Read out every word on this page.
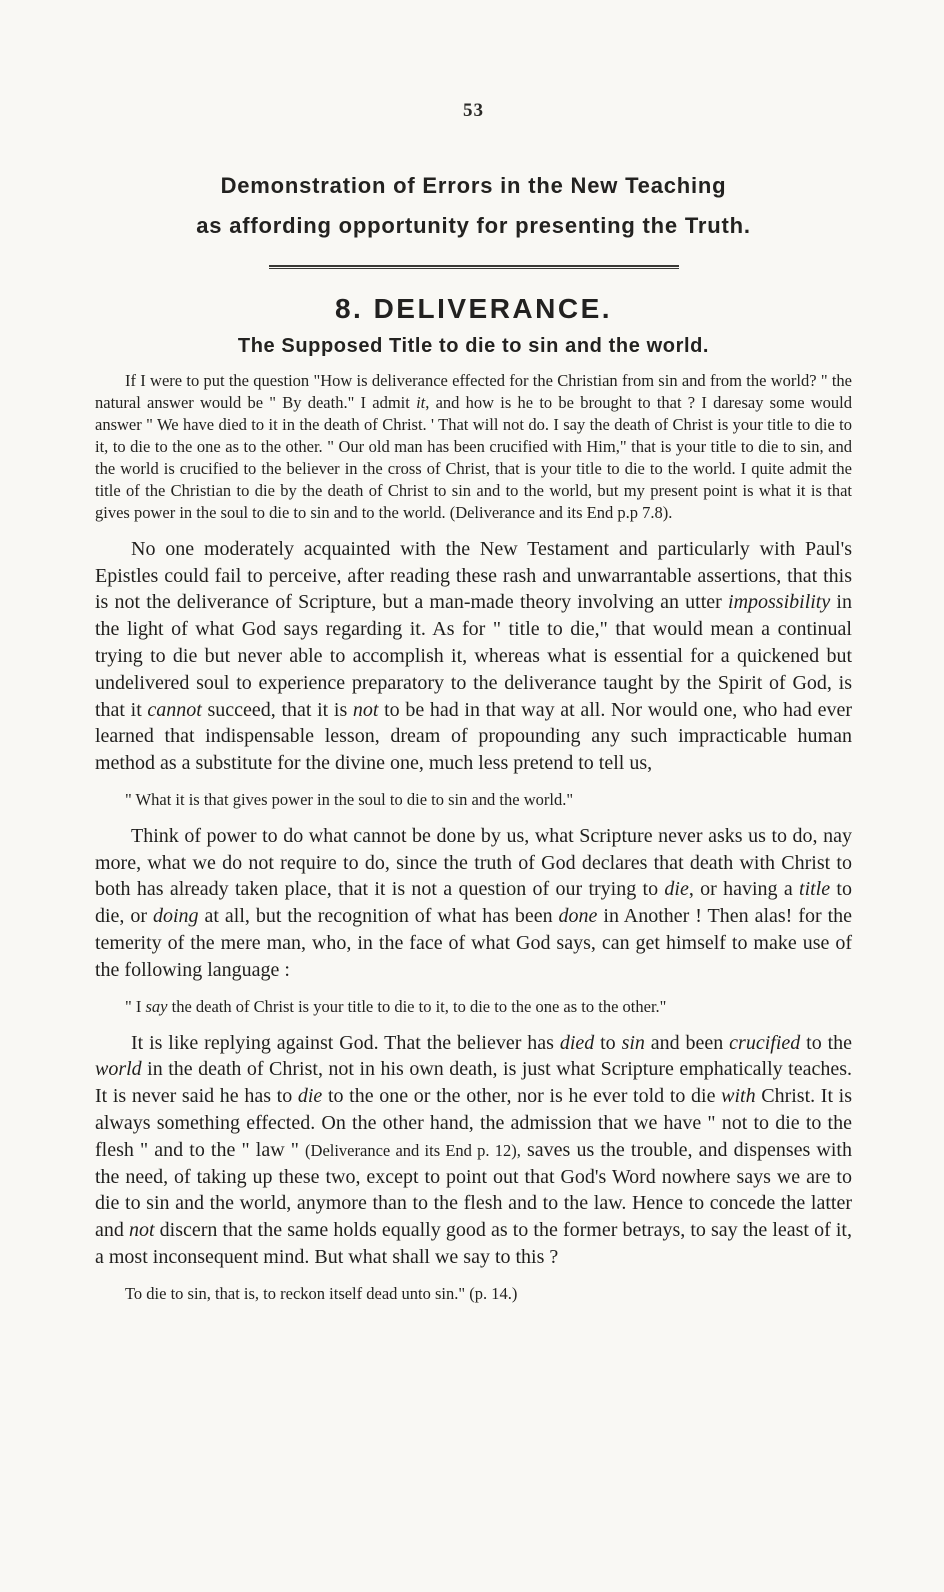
53
Demonstration of Errors in the New Teaching
as affording opportunity for presenting the Truth.
8. DELIVERANCE.
The Supposed Title to die to sin and the world.

If I were to put the question "How is deliverance effected for the Christian from sin and from the world? " the natural answer would be " By death." I admit it, and how is he to be brought to that ? I daresay some would answer " We have died to it in the death of Christ. ' That will not do. I say the death of Christ is your title to die to it, to die to the one as to the other. " Our old man has been crucified with Him," that is your title to die to sin, and the world is crucified to the believer in the cross of Christ, that is your title to die to the world. I quite admit the title of the Christian to die by the death of Christ to sin and to the world, but my present point is what it is that gives power in the soul to die to sin and to the world. (Deliverance and its End p.p 7.8).

No one moderately acquainted with the New Testament and particularly with Paul's Epistles could fail to perceive, after reading these rash and unwarrantable assertions, that this is not the deliverance of Scripture, but a man-made theory involving an utter impossibility in the light of what God says regarding it. As for " title to die," that would mean a continual trying to die but never able to accomplish it, whereas what is essential for a quickened but undelivered soul to experience preparatory to the deliverance taught by the Spirit of God, is that it cannot succeed, that it is not to be had in that way at all. Nor would one, who had ever learned that indispensable lesson, dream of propounding any such impracticable human method as a substitute for the divine one, much less pretend to tell us,

" What it is that gives power in the soul to die to sin and the world."

Think of power to do what cannot be done by us, what Scripture never asks us to do, nay more, what we do not require to do, since the truth of God declares that death with Christ to both has already taken place, that it is not a question of our trying to die, or having a title to die, or doing at all, but the recognition of what has been done in Another ! Then alas! for the temerity of the mere man, who, in the face of what God says, can get himself to make use of the following language :

" I say the death of Christ is your title to die to it, to die to the one as to the other."

It is like replying against God. That the believer has died to sin and been crucified to the world in the death of Christ, not in his own death, is just what Scripture emphatically teaches. It is never said he has to die to the one or the other, nor is he ever told to die with Christ. It is always something effected. On the other hand, the admission that we have " not to die to the flesh " and to the " law " (Deliverance and its End p. 12), saves us the trouble, and dispenses with the need, of taking up these two, except to point out that God's Word nowhere says we are to die to sin and the world, anymore than to the flesh and to the law. Hence to concede the latter and not discern that the same holds equally good as to the former betrays, to say the least of it, a most inconsequent mind. But what shall we say to this ?

To die to sin, that is, to reckon itself dead unto sin." (p. 14.)
